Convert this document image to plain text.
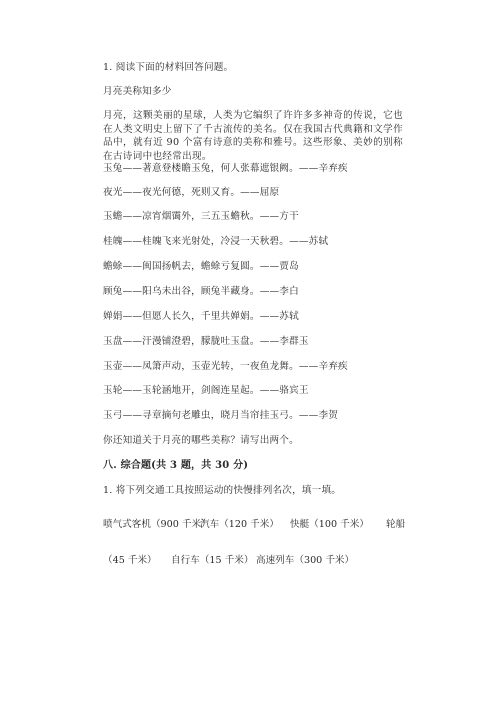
1. 阅读下面的材料回答问题。
月亮美称知多少
月亮，这颗美丽的星球，人类为它编织了许许多多神奇的传说，它也在人类文明史上留下了千古流传的美名。仅在我国古代典籍和文学作品中，就有近 90 个富有诗意的美称和雅号。这些形象、美妙的别称在古诗词中也经常出现。
玉兔——著意登楼瞻玉兔，何人张幕遮银阙。——辛弃疾
夜光——夜光何德，死则又育。——屈原
玉蟾——凉宵烟霭外，三五玉蟾秋。——方干
桂魄——桂魄飞来光射处，冷浸一天秋碧。——苏轼
蟾蜍——闽国扬帆去，蟾蜍亏复圆。——贾岛
顾兔——阳乌未出谷，顾兔半藏身。——李白
婵娟——但愿人长久，千里共婵娟。——苏轼
玉盘——汗漫铺澄碧，朦胧吐玉盘。——李群玉
玉壶——凤箫声动，玉壶光转，一夜鱼龙舞。——辛弃疾
玉轮——玉轮涵地开，剑阁连星起。——骆宾王
玉弓——寻章摘句老雕虫，晓月当帘挂玉弓。——李贺
你还知道关于月亮的哪些美称？请写出两个。
八. 综合题(共 3 题，共 30 分)
1. 将下列交通工具按照运动的快慢排列名次，填一填。
喷气式客机（900 千米）
汽车（120 千米） 快艇（100 千米） 轮船
（45 千米） 自行车（15 千米） 高速列车（300 千米）
